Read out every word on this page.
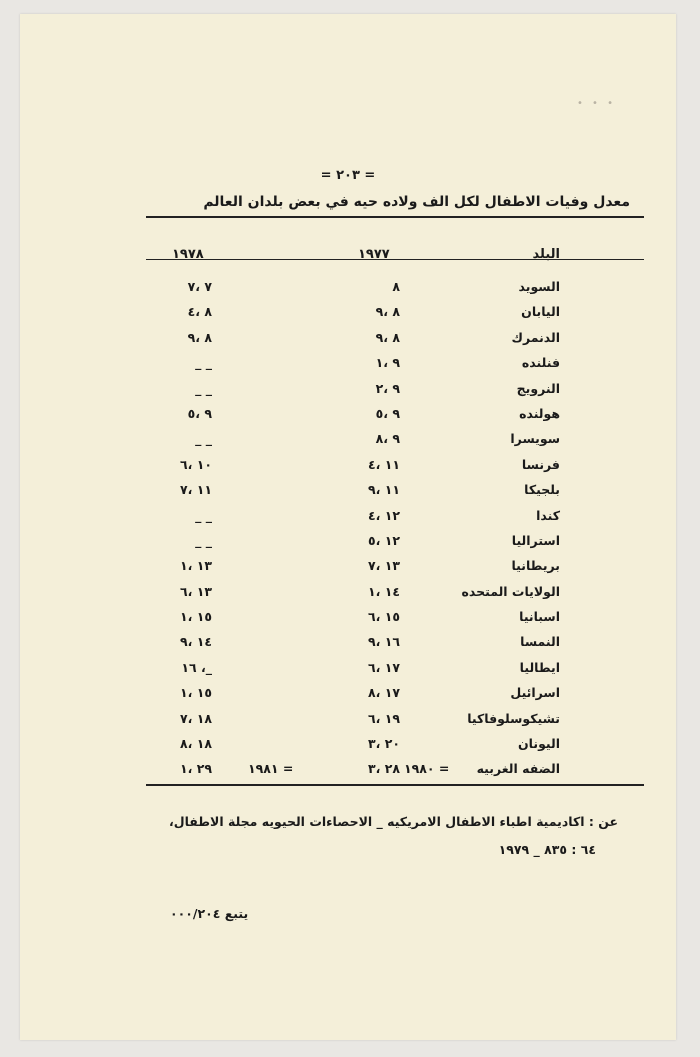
• • •
= ٢٠٣ =
معدل وفيات الاطفال لكل الف ولاده حيه في بعض بلدان العالم
البلد
١٩٧٧
١٩٧٨
السويد
٨
٧ ،٧
اليابان
٨ ،٩
٨ ،٤
الدنمرك
٨ ،٩
٨ ،٩
فنلنده
٩ ،١
_ _
النرويج
٩ ،٢
_ _
هولنده
٩ ،٥
٩ ،٥
سويسرا
٩ ،٨
_ _
فرنسا
١١ ،٤
١٠ ،٦
بلجيكا
١١ ،٩
١١ ،٧
كندا
١٢ ،٤
_ _
استراليا
١٢ ،٥
_ _
بريطانيا
١٣ ،٧
١٣ ،١
الولايات المتحده
١٤ ،١
١٣ ،٦
اسبانيا
١٥ ،٦
١٥ ،١
النمسا
١٦ ،٩
١٤ ،٩
ايطاليا
١٧ ،٦
١٦ ،_
اسرائيل
١٧ ،٨
١٥ ،١
تشيكوسلوفاكيا
١٩ ،٦
١٨ ،٧
اليونان
٢٠ ،٣
١٨ ،٨
الضفه الغربيه
٢٨ ،٣
٢٩ ،١	١٩٨٠ =
١٩٨١ =
عن : اكاديمية اطباء الاطفال الامريكيه _ الاحصاءات الحيويه مجلة الاطفال،
٦٤ : ٨٣٥ _ ١٩٧٩
يتبع ٠٠٠/٢٠٤
